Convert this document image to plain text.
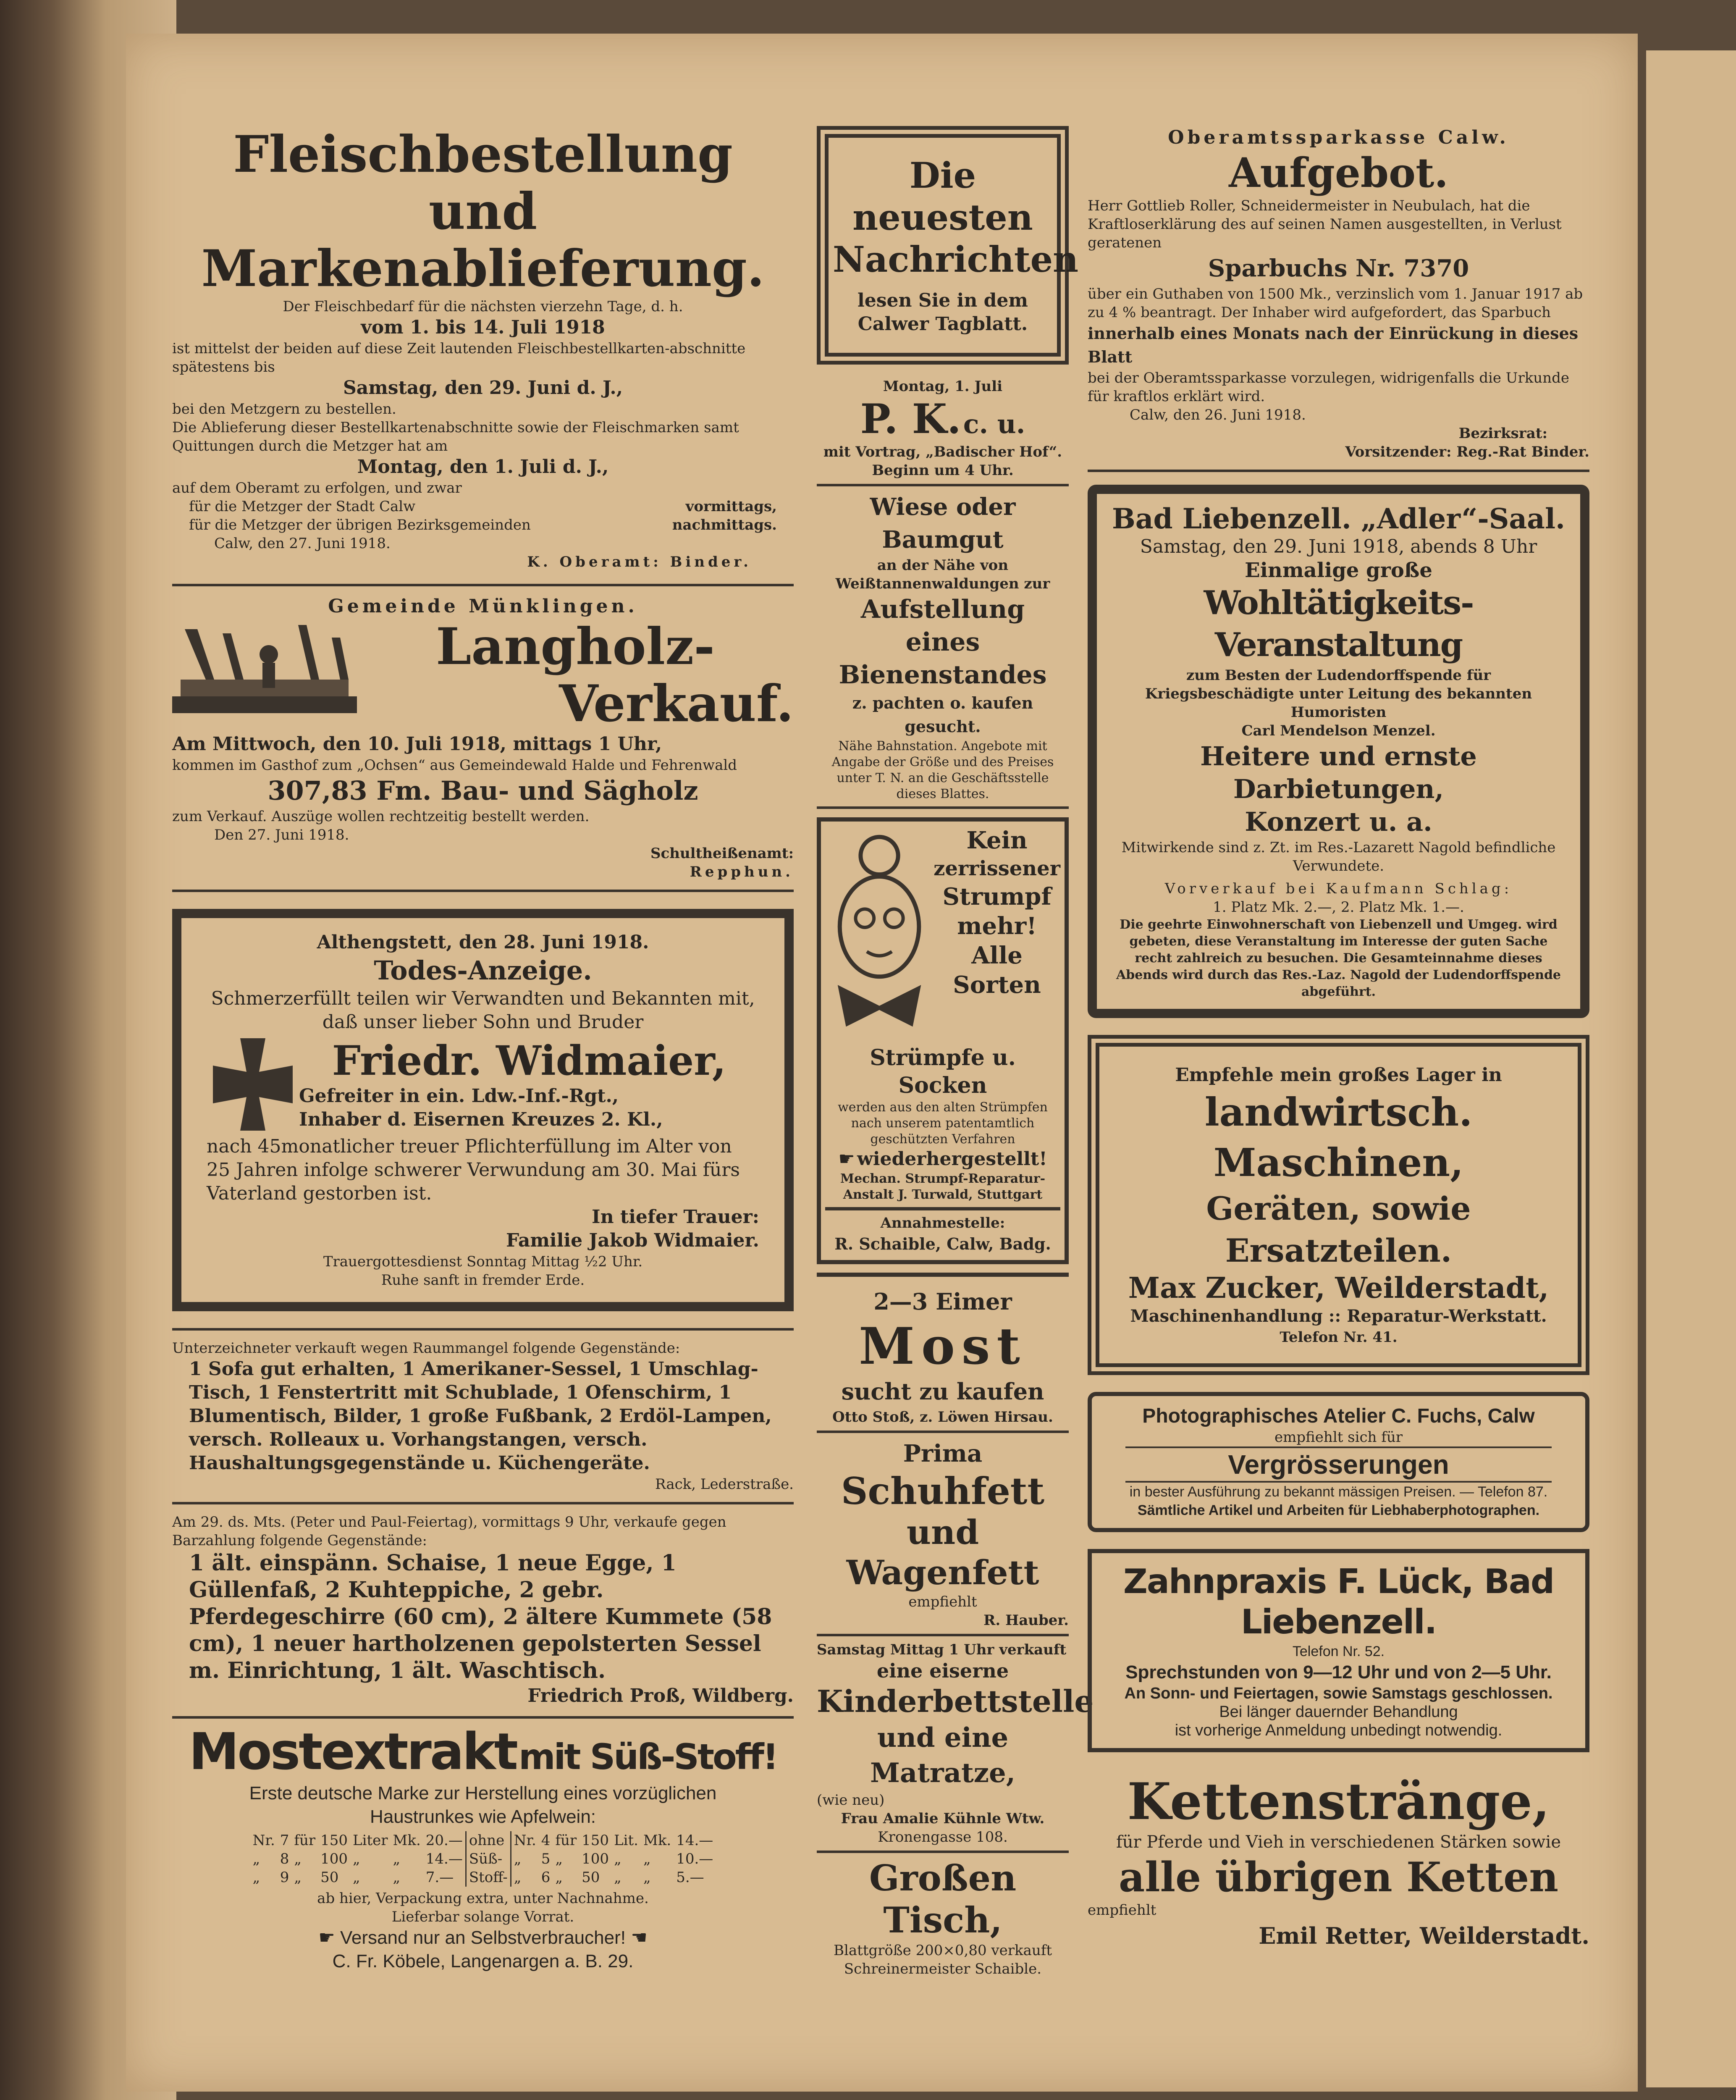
Fleischbestellung

und Markenablieferung.

Der Fleischbedarf für die nächsten vierzehn Tage, d. h.

vom 1. bis 14. Juli 1918

ist mittelst der beiden auf diese Zeit lautenden Fleischbestellkarten-abschnitte spätestens bis

Samstag, den 29. Juni d. J.,

bei den Metzgern zu bestellen.

Die Ablieferung dieser Bestellkartenabschnitte sowie der Fleischmarken samt Quittungen durch die Metzger hat am

Montag, den 1. Juli d. J.,

auf dem Oberamt zu erfolgen, und zwar

für die Metzger der Stadt Calw	vormittags,

für die Metzger der übrigen Bezirksgemeinden	nachmittags.

Calw, den 27. Juni 1918.

K. Oberamt: Binder.

Gemeinde Münklingen.

Langholz-

Verkauf.

Am Mittwoch, den 10. Juli 1918, mittags 1 Uhr,

kommen im Gasthof zum „Ochsen“ aus Gemeindewald Halde und Fehrenwald

307,83 Fm. Bau- und Sägholz

zum Verkauf. Auszüge wollen rechtzeitig bestellt werden.

Den 27. Juni 1918.

Schultheißenamt:

Repphun.

Althengstett, den 28. Juni 1918.

Todes-Anzeige.

Schmerzerfüllt teilen wir Verwandten und Bekannten mit, daß unser lieber Sohn und Bruder

Friedr. Widmaier,

Gefreiter in ein. Ldw.-Inf.-Rgt.,

Inhaber d. Eisernen Kreuzes 2. Kl.,

nach 45monatlicher treuer Pflichterfüllung im Alter von 25 Jahren infolge schwerer Verwundung am 30. Mai fürs Vaterland gestorben ist.

In tiefer Trauer:

Familie Jakob Widmaier.

Trauergottesdienst Sonntag Mittag ½2 Uhr.

Ruhe sanft in fremder Erde.

Unterzeichneter verkauft wegen Raummangel folgende Gegenstände:

1 Sofa gut erhalten, 1 Amerikaner-Sessel, 1 Umschlag-Tisch, 1 Fenstertritt mit Schublade, 1 Ofenschirm, 1 Blumentisch, Bilder, 1 große Fußbank, 2 Erdöl-Lampen, versch. Rolleaux u. Vorhangstangen, versch. Haushaltungsgegenstände u. Küchengeräte.

Rack, Lederstraße.

Am 29. ds. Mts. (Peter und Paul-Feiertag), vormittags 9 Uhr, verkaufe gegen Barzahlung folgende Gegenstände:

1 ält. einspänn. Schaise, 1 neue Egge, 1 Güllenfaß, 2 Kuhteppiche, 2 gebr. Pferdegeschirre (60 cm), 2 ältere Kummete (58 cm), 1 neuer hartholzenen gepolsterten Sessel m. Einrichtung, 1 ält. Waschtisch.

Friedrich Proß, Wildberg.

Mostextrakt mit Süß-Stoff!

Erste deutsche Marke zur Herstellung eines vorzüglichen Haustrunkes wie Apfelwein:

Nr.	7	für	150	Liter	Mk.	20.—	ohne	Nr.	4	für	150	Lit.	Mk.	14.—
„	8	„	100	„	„	14.—	Süß-	„	5	„	100	„	„	10.—
„	9	„	50	„	„	7.—	Stoff-	„	6	„	50	„	„	5.—

ab hier, Verpackung extra, unter Nachnahme.

Lieferbar solange Vorrat.

☛ Versand nur an Selbstverbraucher! ☚

C. Fr. Köbele, Langenargen a. B. 29.

Die neuesten

Nachrichten

lesen Sie in dem

Calwer Tagblatt.

Montag, 1. Juli

P. K. c. u.

mit Vortrag, „Badischer Hof“.

Beginn um 4 Uhr.

Wiese oder Baumgut

an der Nähe von Weißtannenwaldungen zur

Aufstellung

eines Bienenstandes

z. pachten o. kaufen gesucht.

Nähe Bahnstation. Angebote mit Angabe der Größe und des Preises unter T. N. an die Geschäftsstelle dieses Blattes.

Kein

zerrissener

Strumpf

mehr!

Alle

Sorten

Strümpfe u. Socken

werden aus den alten Strümpfen nach unserem patentamtlich geschützten Verfahren

☛ wiederhergestellt!

Mechan. Strumpf-Reparatur-Anstalt J. Turwald, Stuttgart

Annahmestelle:

R. Schaible, Calw, Badg.

2—3 Eimer

Most

sucht zu kaufen

Otto Stoß, z. Löwen Hirsau.

Prima

Schuhfett

und Wagenfett

empfiehlt

R. Hauber.

Samstag Mittag 1 Uhr verkauft

eine eiserne

Kinderbettstelle

und eine Matratze,

(wie neu)

Frau Amalie Kühnle Wtw.

Kronengasse 108.

Großen Tisch,

Blattgröße 200×0,80 verkauft

Schreinermeister Schaible.

Oberamtssparkasse Calw.

Aufgebot.

Herr Gottlieb Roller, Schneidermeister in Neubulach, hat die Kraftloserklärung des auf seinen Namen ausgestellten, in Verlust geratenen

Sparbuchs Nr. 7370

über ein Guthaben von 1500 Mk., verzinslich vom 1. Januar 1917 ab zu 4 % beantragt. Der Inhaber wird aufgefordert, das Sparbuch

innerhalb eines Monats nach der Einrückung in dieses Blatt

bei der Oberamtssparkasse vorzulegen, widrigenfalls die Urkunde für kraftlos erklärt wird.

Calw, den 26. Juni 1918.

Bezirksrat:

Vorsitzender: Reg.-Rat Binder.

Bad Liebenzell. „Adler“-Saal.

Samstag, den 29. Juni 1918, abends 8 Uhr

Einmalige große

Wohltätigkeits-Veranstaltung

zum Besten der Ludendorffspende für Kriegsbeschädigte unter Leitung des bekannten Humoristen

Carl Mendelson Menzel.

Heitere und ernste Darbietungen,

Konzert u. a.

Mitwirkende sind z. Zt. im Res.-Lazarett Nagold befindliche Verwundete.

Vorverkauf bei Kaufmann Schlag:

1. Platz Mk. 2.—, 2. Platz Mk. 1.—.

Die geehrte Einwohnerschaft von Liebenzell und Umgeg. wird gebeten, diese Veranstaltung im Interesse der guten Sache recht zahlreich zu besuchen. Die Gesamteinnahme dieses Abends wird durch das Res.-Laz. Nagold der Ludendorffspende abgeführt.

Empfehle mein großes Lager in

landwirtsch. Maschinen,

Geräten, sowie Ersatzteilen.

Max Zucker, Weilderstadt,

Maschinenhandlung :: Reparatur-Werkstatt.

Telefon Nr. 41.

Photographisches Atelier C. Fuchs, Calw

empfiehlt sich für

Vergrösserungen

in bester Ausführung zu bekannt mässigen Preisen. — Telefon 87.

Sämtliche Artikel und Arbeiten für Liebhaberphotographen.

Zahnpraxis F. Lück, Bad Liebenzell.

Telefon Nr. 52.

Sprechstunden von 9—12 Uhr und von 2—5 Uhr.

An Sonn- und Feiertagen, sowie Samstags geschlossen.

Bei länger dauernder Behandlung

ist vorherige Anmeldung unbedingt notwendig.

Kettenstränge,

für Pferde und Vieh in verschiedenen Stärken sowie

alle übrigen Ketten

empfiehlt

Emil Retter, Weilderstadt.
